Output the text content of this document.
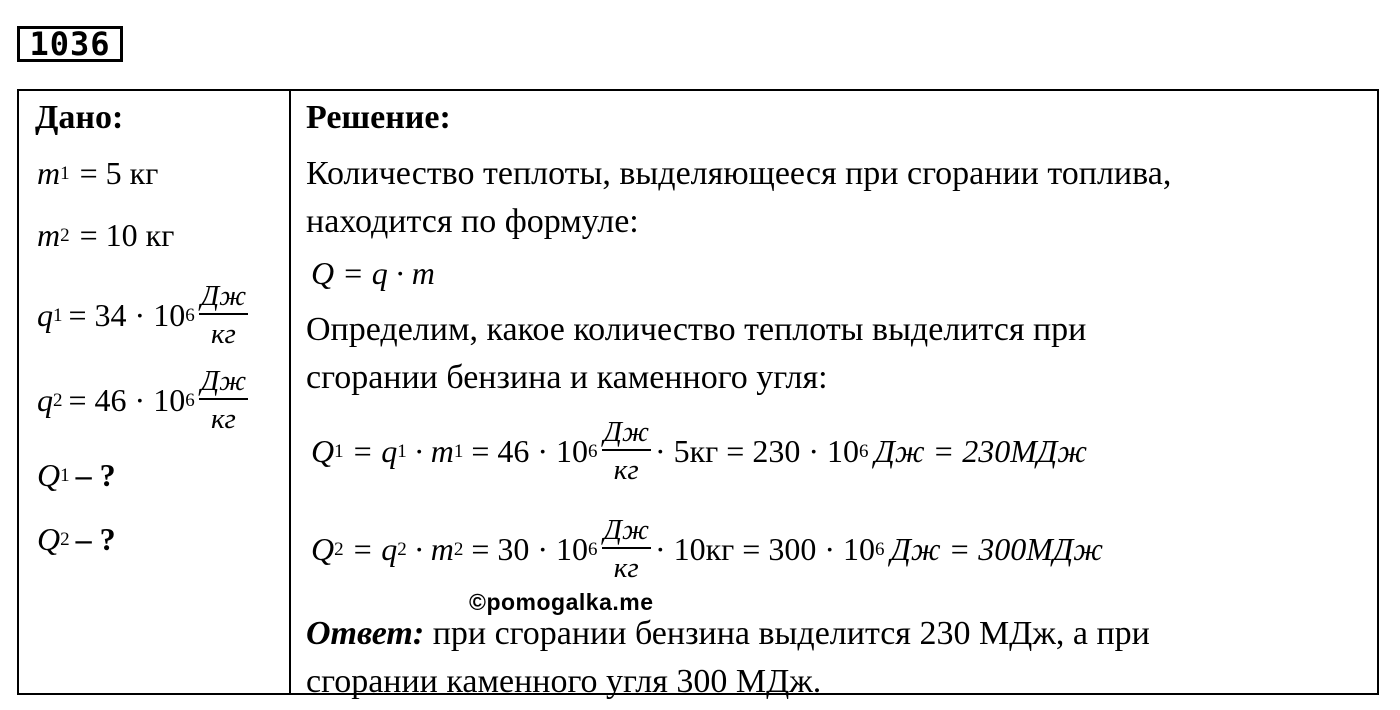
1036
Дано:
m 1 = 5 кг
m 2 = 10 кг
q 1 = 34 · 10 $6 \frac{Дж}{кг}$
q 2 = 46 · 10 $6 \frac{Дж}{кг}$
Q 1 – ?
Q 2 – ?
Решение:
Количество теплоты, выделяющееся при сгорании топлива,
находится по формуле:
Q = q · m
Определим, какое количество теплоты выделится при
сгорании бензина и каменного угля:
Q 1 = q 1 · m 1 = 46 · 10 $6 \frac{Дж}{кг} \cdot 5кг = 230 \cdot 10$ 6 Дж = 230МДж
Q 2 = q 2 · m 2 = 30 · 10 $6 \frac{Дж}{кг} \cdot 10кг = 300 \cdot 10$ 6 Дж = 300МДж
Ответ: при сгорании бензина выделится 230 МДж, а при
сгорании каменного угля 300 МДж.
©pomogalka.me
